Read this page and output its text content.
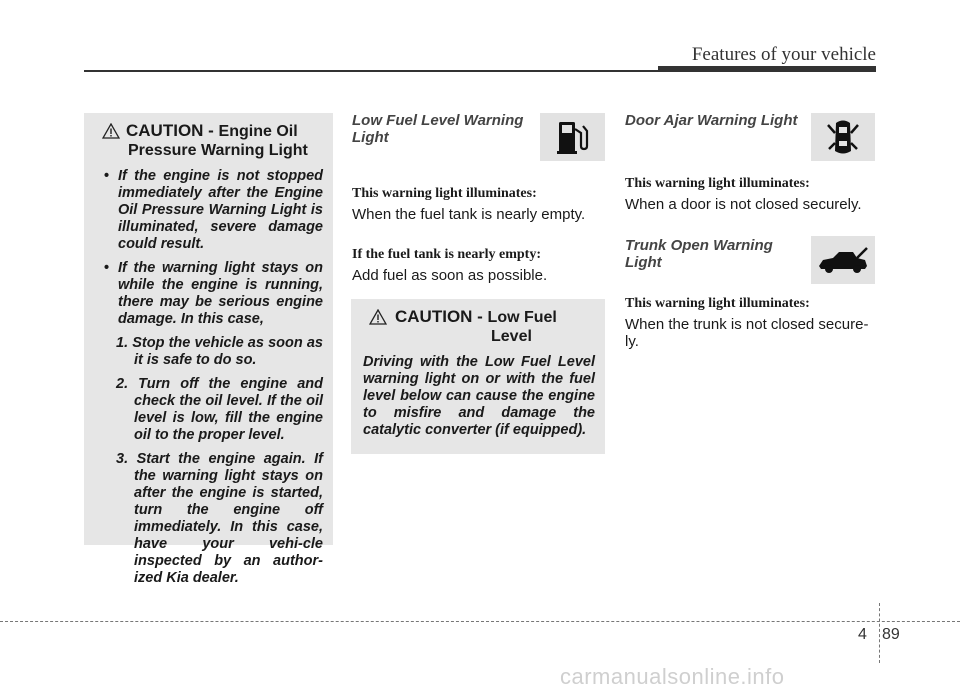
Features of your vehicle
CAUTION - Engine Oil
Pressure Warning Light
• If the engine is not stopped immediately after the Engine Oil Pressure Warning Light is illuminated, severe damage could result.
• If the warning light stays on while the engine is running, there may be serious engine damage. In this case,
1. Stop the vehicle as soon as it is safe to do so.
2. Turn off the engine and check the oil level. If the oil level is low, fill the engine oil to the proper level.
3. Start the engine again. If the warning light stays on after the engine is started, turn the engine off immediately. In this case, have your vehi-cle inspected by an author-ized Kia dealer.
Low Fuel Level Warning
Light
This warning light illuminates:
When the fuel tank is nearly empty.
If the fuel tank is nearly empty:
Add fuel as soon as possible.
CAUTION - Low Fuel
Level
Driving with the Low Fuel Level warning light on or with the fuel level below can cause the engine to misfire and damage the catalytic converter (if equipped).
Door Ajar Warning Light
This warning light illuminates:
When a door is not closed securely.
Trunk Open Warning
Light
This warning light illuminates:
When the trunk is not closed secure-
ly.
4 89
carmanualsonline.info
